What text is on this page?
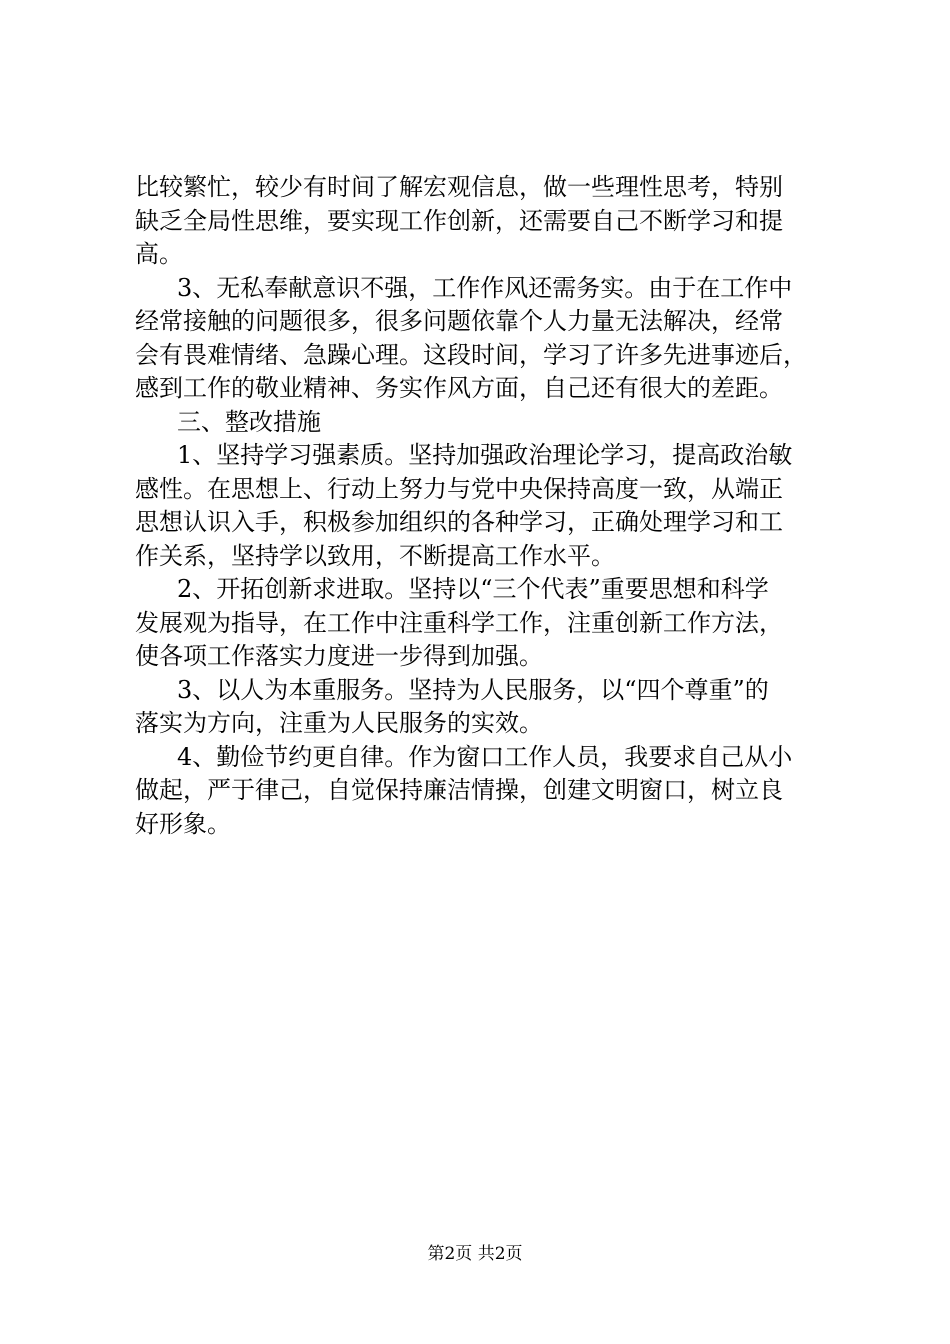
比较繁忙，较少有时间了解宏观信息，做一些理性思考，特别
缺乏全局性思维，要实现工作创新，还需要自己不断学习和提
高。
3、无私奉献意识不强，工作作风还需务实。由于在工作中
经常接触的问题很多，很多问题依靠个人力量无法解决，经常
会有畏难情绪、急躁心理。这段时间，学习了许多先进事迹后，
感到工作的敬业精神、务实作风方面，自己还有很大的差距。
三、整改措施
1、坚持学习强素质。坚持加强政治理论学习，提高政治敏
感性。在思想上、行动上努力与党中央保持高度一致，从端正
思想认识入手，积极参加组织的各种学习，正确处理学习和工
作关系，坚持学以致用，不断提高工作水平。
2、开拓创新求进取。坚持以“三个代表”重要思想和科学
发展观为指导，在工作中注重科学工作，注重创新工作方法，
使各项工作落实力度进一步得到加强。
3、以人为本重服务。坚持为人民服务，以“四个尊重”的
落实为方向，注重为人民服务的实效。
4、勤俭节约更自律。作为窗口工作人员，我要求自己从小
做起，严于律己，自觉保持廉洁情操，创建文明窗口，树立良
好形象。
第2页 共2页
